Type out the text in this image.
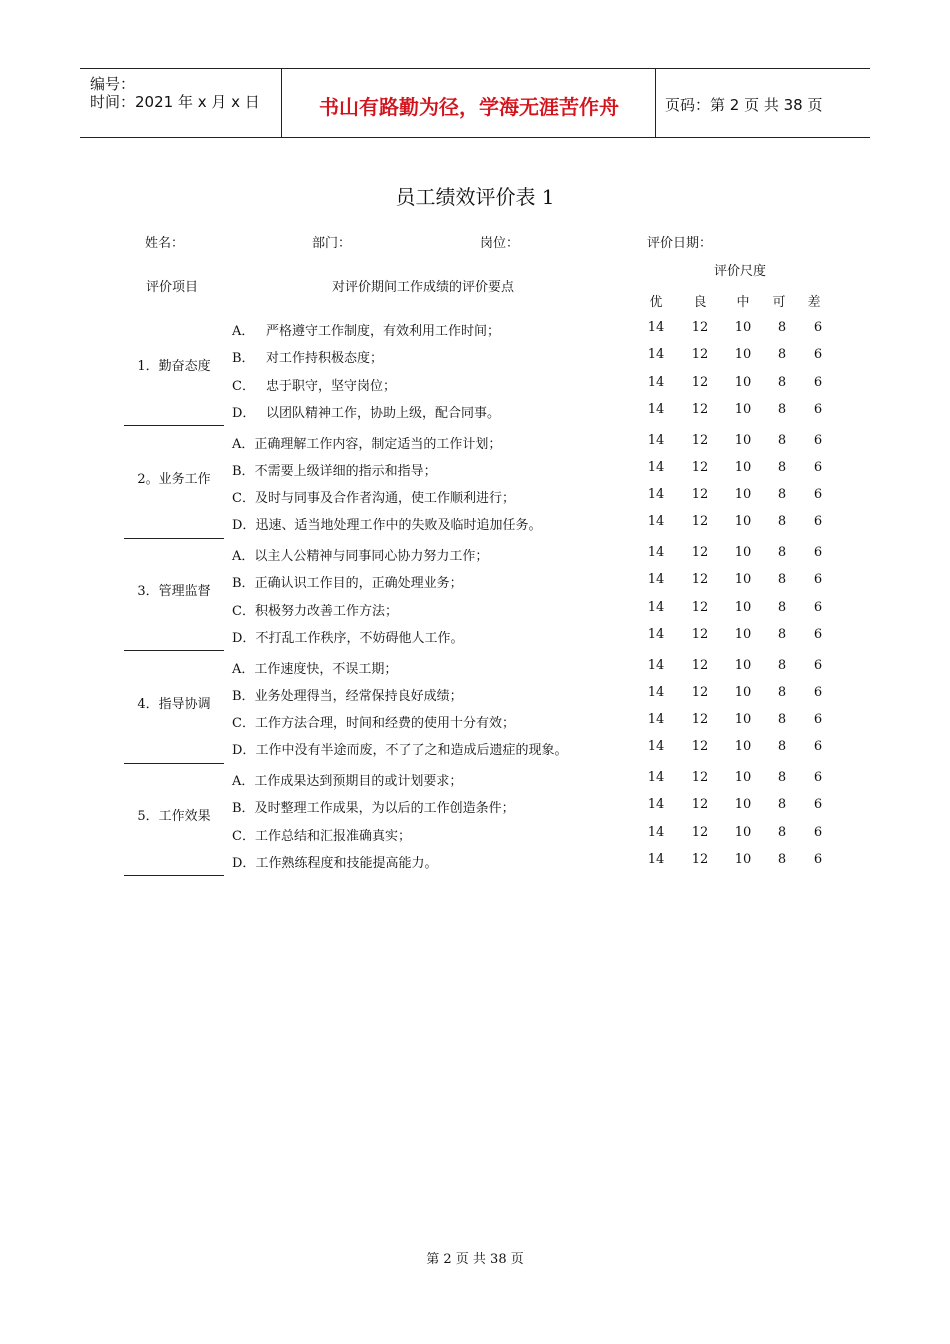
编号：
时间：2021 年 x 月 x 日	书山有路勤为径，学海无涯苦作舟	页码：第 2 页 共 38 页
员工绩效评价表 1
姓名：	部门：	岗位：	评价日期：
评价项目	对评价期间工作成绩的评价要点
评价尺度
优	良	中	可	差
1．勤奋态度
A． 严格遵守工作制度，有效利用工作时间；	14	12	10	8	6
B． 对工作持积极态度；	14	12	10	8	6
C． 忠于职守，坚守岗位；	14	12	10	8	6
D． 以团队精神工作，协助上级，配合同事。	14	12	10	8	6
2。业务工作
A．正确理解工作内容，制定适当的工作计划；	14	12	10	8	6
B．不需要上级详细的指示和指导；	14	12	10	8	6
C．及时与同事及合作者沟通，使工作顺利进行；	14	12	10	8	6
D．迅速、适当地处理工作中的失败及临时追加任务。	14	12	10	8	6
3．管理监督
A．以主人公精神与同事同心协力努力工作；	14	12	10	8	6
B．正确认识工作目的，正确处理业务；	14	12	10	8	6
C．积极努力改善工作方法；	14	12	10	8	6
D．不打乱工作秩序，不妨碍他人工作。	14	12	10	8	6
4．指导协调
A．工作速度快，不误工期；	14	12	10	8	6
B．业务处理得当，经常保持良好成绩；	14	12	10	8	6
C．工作方法合理，时间和经费的使用十分有效；	14	12	10	8	6
D．工作中没有半途而废，不了了之和造成后遗症的现象。	14	12	10	8	6
5．工作效果
A．工作成果达到预期目的或计划要求；	14	12	10	8	6
B．及时整理工作成果，为以后的工作创造条件；	14	12	10	8	6
C．工作总结和汇报准确真实；	14	12	10	8	6
D．工作熟练程度和技能提高能力。	14	12	10	8	6
第 2 页 共 38 页
